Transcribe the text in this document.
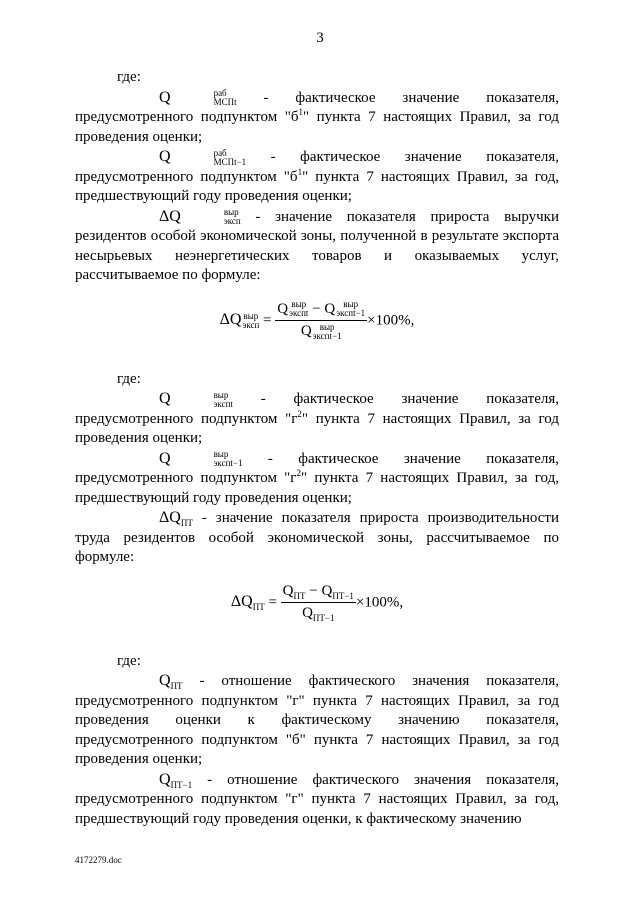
3

где:

Q	раб
МСПt - фактическое значение показателя, предусмотренного подпунктом "$б^1$" пункта 7 настоящих Правил, за год проведения оценки;

Q	раб
МСПt−1 - фактическое значение показателя, предусмотренного подпунктом "$б^1$" пункта 7 настоящих Правил, за год, предшествующий году проведения оценки;

ΔQ	выр
эксп - значение показателя прироста выручки резидентов особой экономической зоны, полученной в результате экспорта несырьевых неэнергетических товаров и оказываемых услуг, рассчитываемое по формуле:

ΔQ выр
эксп = Q выр
экспt − Q выр
экспt−1
Q выр
экспt−1 ×100%,

где:

Q	выр
экспt - фактическое значение показателя, предусмотренного подпунктом "$г^2$" пункта 7 настоящих Правил, за год проведения оценки;

Q	выр
экспt−1 - фактическое значение показателя, предусмотренного подпунктом "$г^2$" пункта 7 настоящих Правил, за год, предшествующий году проведения оценки;

$\Delta Q_{ПТ}$ - значение показателя прироста производительности труда резидентов особой экономической зоны, рассчитываемое по формуле:

$\Delta Q_{ПТ} = \frac{Q_{ПТ} - Q_{ПТ-1}}{Q_{ПТ-1}} \times 100\%$,

где:

$Q_{ПТ}$ - отношение фактического значения показателя, предусмотренного подпунктом "г" пункта 7 настоящих Правил, за год проведения оценки к фактическому значению показателя, предусмотренного подпунктом "б" пункта 7 настоящих Правил, за год проведения оценки;

$Q_{ПТ-1}$ - отношение фактического значения показателя, предусмотренного подпунктом "г" пункта 7 настоящих Правил, за год, предшествующий году проведения оценки, к фактическому значению

4172279.doc
